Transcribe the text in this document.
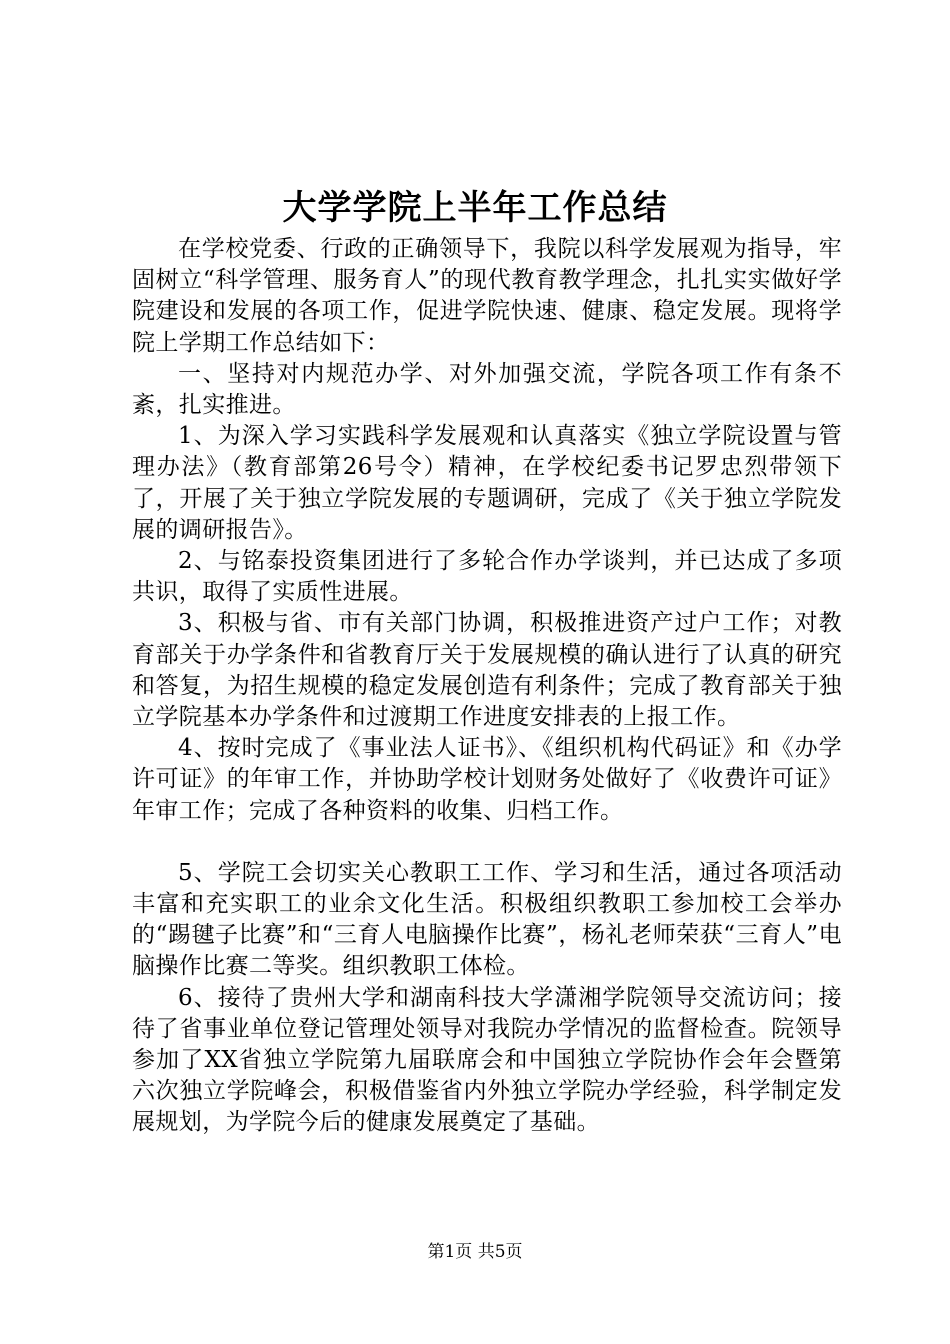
大学学院上半年工作总结

在学校党委、行政的正确领导下，我院以科学发展观为指导，牢固树立“科学管理、服务育人”的现代教育教学理念，扎扎实实做好学院建设和发展的各项工作，促进学院快速、健康、稳定发展。现将学院上学期工作总结如下：

一、坚持对内规范办学、对外加强交流，学院各项工作有条不紊，扎实推进。

1、为深入学习实践科学发展观和认真落实《独立学院设置与管理办法》（教育部第26号令）精神，在学校纪委书记罗忠烈带领下了，开展了关于独立学院发展的专题调研，完成了《关于独立学院发展的调研报告》。

2、与铭泰投资集团进行了多轮合作办学谈判，并已达成了多项共识，取得了实质性进展。

3、积极与省、市有关部门协调，积极推进资产过户工作；对教育部关于办学条件和省教育厅关于发展规模的确认进行了认真的研究和答复，为招生规模的稳定发展创造有利条件；完成了教育部关于独立学院基本办学条件和过渡期工作进度安排表的上报工作。

4、按时完成了《事业法人证书》、《组织机构代码证》和《办学许可证》的年审工作，并协助学校计划财务处做好了《收费许可证》年审工作；完成了各种资料的收集、归档工作。

5、学院工会切实关心教职工工作、学习和生活，通过各项活动丰富和充实职工的业余文化生活。积极组织教职工参加校工会举办的“踢毽子比赛”和“三育人电脑操作比赛”，杨礼老师荣获“三育人”电脑操作比赛二等奖。组织教职工体检。

6、接待了贵州大学和湖南科技大学潇湘学院领导交流访问；接待了省事业单位登记管理处领导对我院办学情况的监督检查。院领导参加了XX省独立学院第九届联席会和中国独立学院协作会年会暨第六次独立学院峰会，积极借鉴省内外独立学院办学经验，科学制定发展规划，为学院今后的健康发展奠定了基础。

第1页 共5页
